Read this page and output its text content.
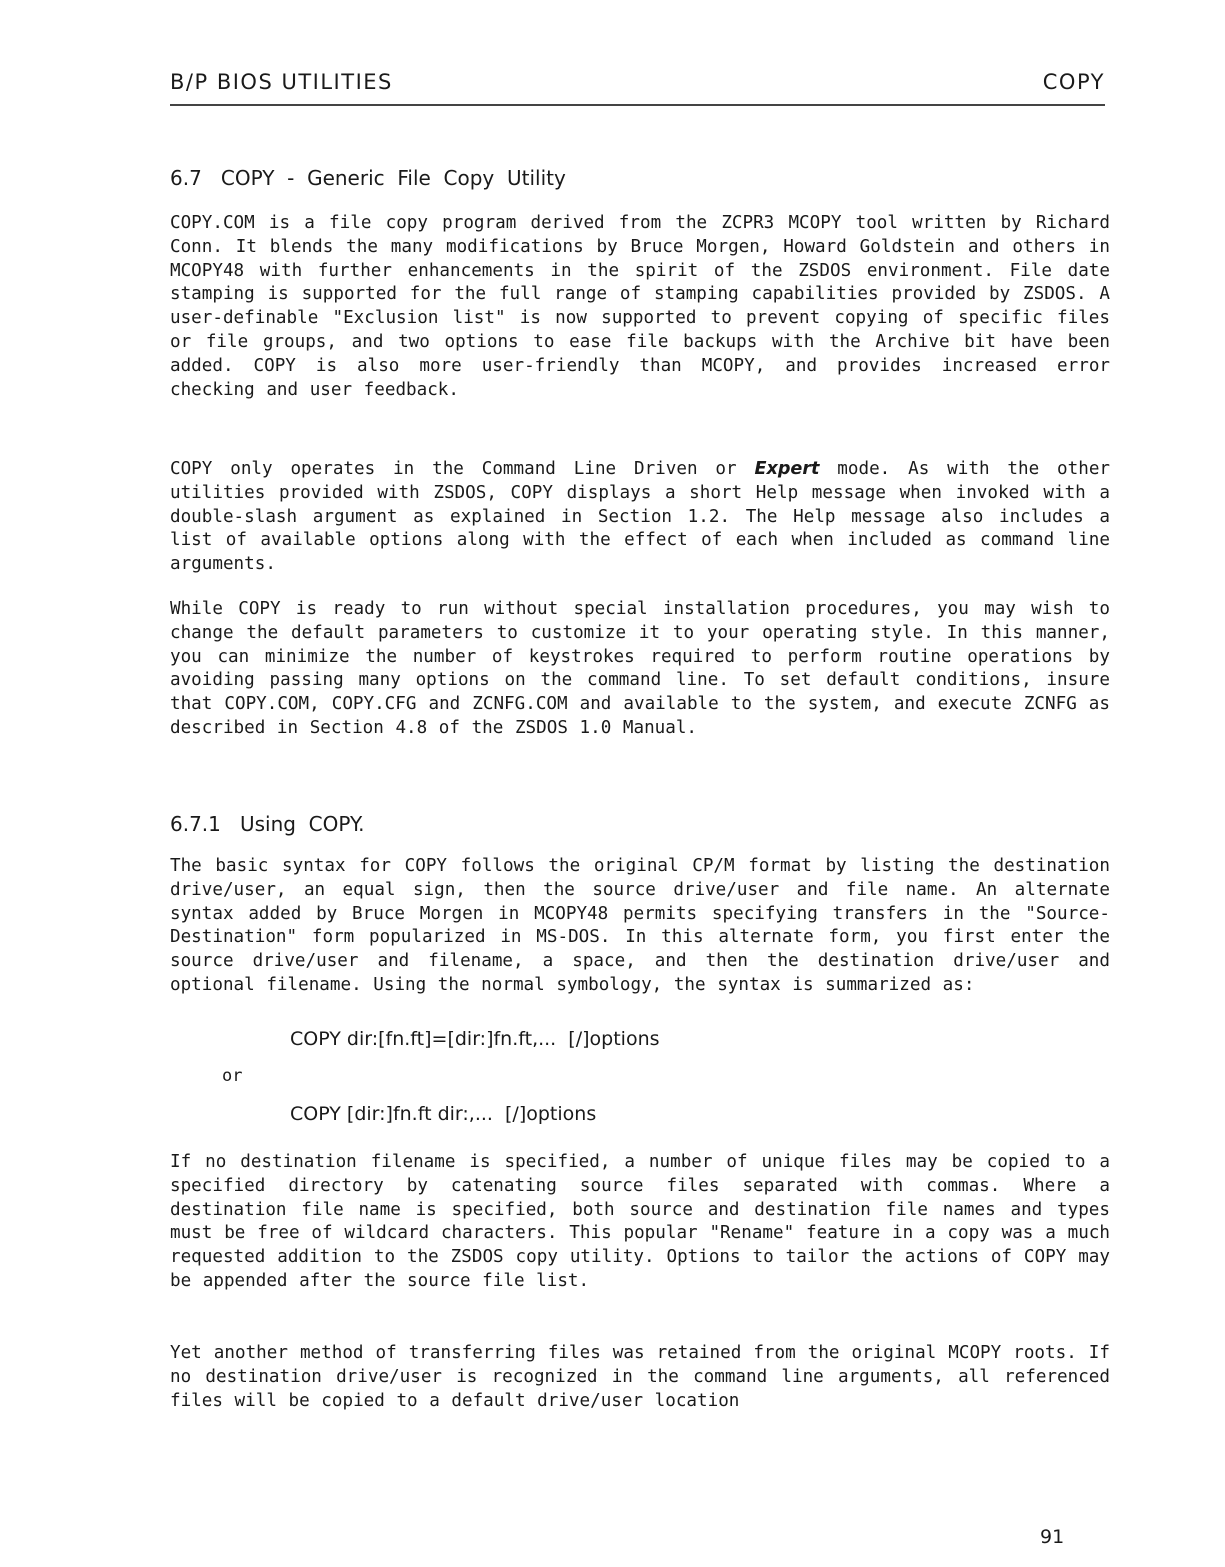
B/P BIOS UTILITIES	COPY
6.7   COPY  -  Generic  File  Copy  Utility

COPY.COM is a file copy program derived from the ZCPR3 MCOPY tool written by Richard Conn. It blends the many modifications by Bruce Morgen, Howard Goldstein and others in MCOPY48 with further enhancements in the spirit of the ZSDOS environment. File date stamping is supported for the full range of stamping capabilities provided by ZSDOS. A user-definable "Exclusion list" is now supported to prevent copying of specific files or file groups, and two options to ease file backups with the Archive bit have been added. COPY is also more user-friendly than MCOPY, and provides increased error checking and user feedback.

COPY only operates in the Command Line Driven or Expert mode. As with the other utilities provided with ZSDOS, COPY displays a short Help message when invoked with a double-slash argument as explained in Section 1.2. The Help message also includes a list of available options along with the effect of each when included as command line arguments.

While COPY is ready to run without special installation procedures, you may wish to change the default parameters to customize it to your operating style. In this manner, you can minimize the number of keystrokes required to perform routine operations by avoiding passing many options on the command line. To set default conditions, insure that COPY.COM, COPY.CFG and ZCNFG.COM and available to the system, and execute ZCNFG as described in Section 4.8 of the ZSDOS 1.0 Manual.

6.7.1   Using  COPY.

The basic syntax for COPY follows the original CP/M format by listing the destination drive/user, an equal sign, then the source drive/user and file name. An alternate syntax added by Bruce Morgen in MCOPY48 permits specifying transfers in the "Source-Destination" form popularized in MS-DOS. In this alternate form, you first enter the source drive/user and filename, a space, and then the destination drive/user and optional filename. Using the normal symbology, the syntax is summarized as:

COPY dir:[fn.ft]=[dir:]fn.ft,...  [/]options
or
COPY [dir:]fn.ft dir:,...  [/]options

If no destination filename is specified, a number of unique files may be copied to a specified directory by catenating source files separated with commas. Where a destination file name is specified, both source and destination file names and types must be free of wildcard characters. This popular "Rename" feature in a copy was a much requested addition to the ZSDOS copy utility. Options to tailor the actions of COPY may be appended after the source file list.

Yet another method of transferring files was retained from the original MCOPY roots. If no destination drive/user is recognized in the command line arguments, all referenced files will be copied to a default drive/user location

91
